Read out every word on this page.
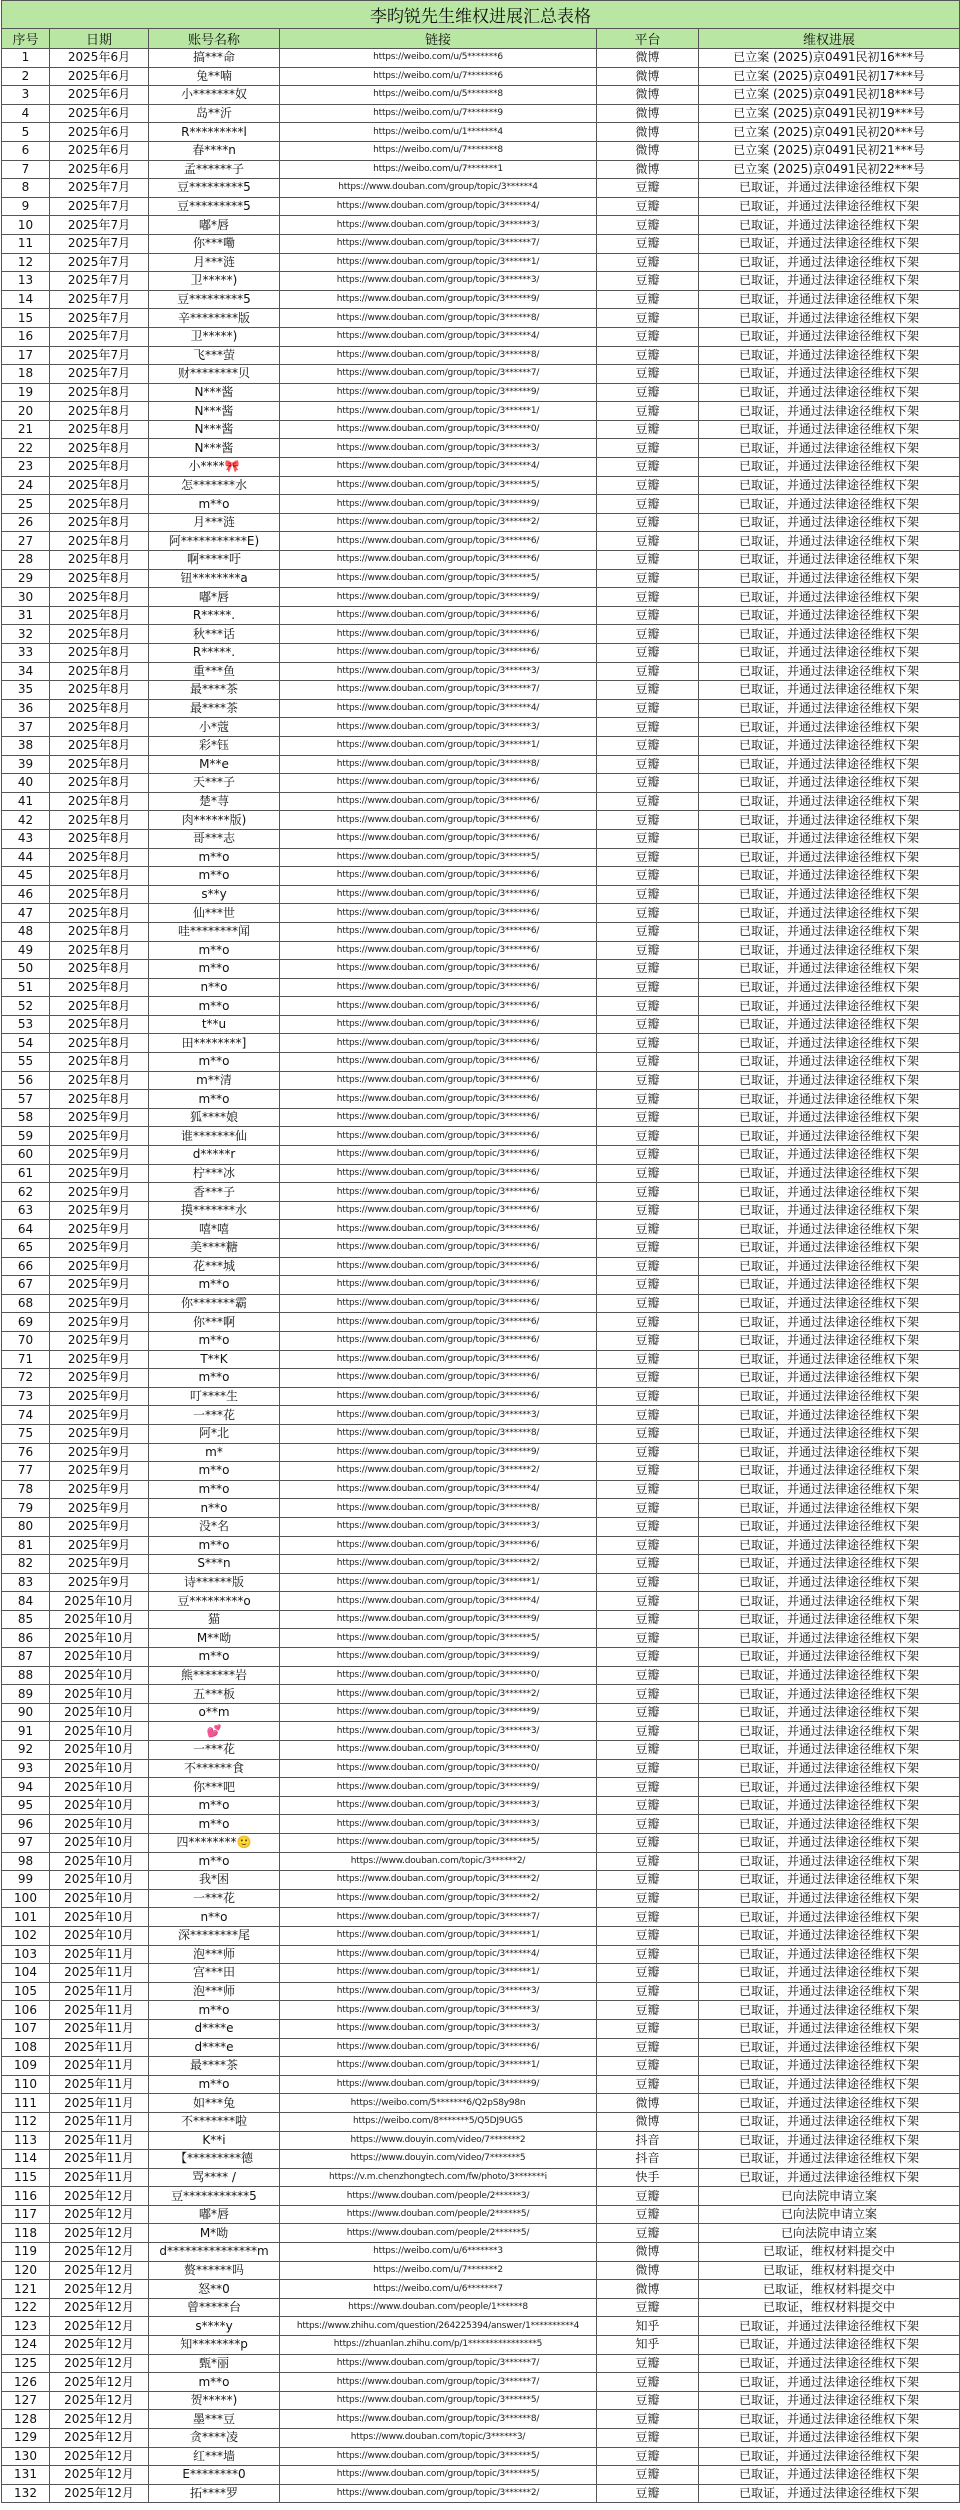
李昀锐先生维权进展汇总表格					
序号	日期	账号名称	链接	平台	维权进展
1	2025年6月	搞***命	https://weibo.com/u/5*******6	微博	已立案 (2025)京0491民初16***号
2	2025年6月	兔**喃	https://weibo.com/u/7*******6	微博	已立案 (2025)京0491民初17***号
3	2025年6月	小*******奴	https://weibo.com/u/5*******8	微博	已立案 (2025)京0491民初18***号
4	2025年6月	岛**沂	https://weibo.com/u/7*******9	微博	已立案 (2025)京0491民初19***号
5	2025年6月	R*********l	https://weibo.com/u/1*******4	微博	已立案 (2025)京0491民初20***号
6	2025年6月	春****n	https://weibo.com/u/7*******8	微博	已立案 (2025)京0491民初21***号
7	2025年6月	孟******子	https://weibo.com/u/7*******1	微博	已立案 (2025)京0491民初22***号
8	2025年7月	豆*********5	https://www.douban.com/group/topic/3******4	豆瓣	已取证，并通过法律途径维权下架
9	2025年7月	豆*********5	https://www.douban.com/group/topic/3******4/	豆瓣	已取证，并通过法律途径维权下架
10	2025年7月	嘟*唇	https://www.douban.com/group/topic/3******3/	豆瓣	已取证，并通过法律途径维权下架
11	2025年7月	你***嘞	https://www.douban.com/group/topic/3******7/	豆瓣	已取证，并通过法律途径维权下架
12	2025年7月	月***涟	https://www.douban.com/group/topic/3******1/	豆瓣	已取证，并通过法律途径维权下架
13	2025年7月	卫*****)	https://www.douban.com/group/topic/3******3/	豆瓣	已取证，并通过法律途径维权下架
14	2025年7月	豆*********5	https://www.douban.com/group/topic/3******9/	豆瓣	已取证，并通过法律途径维权下架
15	2025年7月	辛********版	https://www.douban.com/group/topic/3******8/	豆瓣	已取证，并通过法律途径维权下架
16	2025年7月	卫*****)	https://www.douban.com/group/topic/3******4/	豆瓣	已取证，并通过法律途径维权下架
17	2025年7月	飞***萤	https://www.douban.com/group/topic/3******8/	豆瓣	已取证，并通过法律途径维权下架
18	2025年7月	财********贝	https://www.douban.com/group/topic/3******7/	豆瓣	已取证，并通过法律途径维权下架
19	2025年8月	N***酱	https://www.douban.com/group/topic/3******9/	豆瓣	已取证，并通过法律途径维权下架
20	2025年8月	N***酱	https://www.douban.com/group/topic/3******1/	豆瓣	已取证，并通过法律途径维权下架
21	2025年8月	N***酱	https://www.douban.com/group/topic/3******0/	豆瓣	已取证，并通过法律途径维权下架
22	2025年8月	N***酱	https://www.douban.com/group/topic/3******3/	豆瓣	已取证，并通过法律途径维权下架
23	2025年8月	小****🎀	https://www.douban.com/group/topic/3******4/	豆瓣	已取证，并通过法律途径维权下架
24	2025年8月	怎*******水	https://www.douban.com/group/topic/3******5/	豆瓣	已取证，并通过法律途径维权下架
25	2025年8月	m**o	https://www.douban.com/group/topic/3******9/	豆瓣	已取证，并通过法律途径维权下架
26	2025年8月	月***涟	https://www.douban.com/group/topic/3******2/	豆瓣	已取证，并通过法律途径维权下架
27	2025年8月	阿***********E)	https://www.douban.com/group/topic/3******6/	豆瓣	已取证，并通过法律途径维权下架
28	2025年8月	啊*****吁	https://www.douban.com/group/topic/3******6/	豆瓣	已取证，并通过法律途径维权下架
29	2025年8月	钮********a	https://www.douban.com/group/topic/3******5/	豆瓣	已取证，并通过法律途径维权下架
30	2025年8月	嘟*唇	https://www.douban.com/group/topic/3******9/	豆瓣	已取证，并通过法律途径维权下架
31	2025年8月	R*****.	https://www.douban.com/group/topic/3******6/	豆瓣	已取证，并通过法律途径维权下架
32	2025年8月	秋***话	https://www.douban.com/group/topic/3******6/	豆瓣	已取证，并通过法律途径维权下架
33	2025年8月	R*****.	https://www.douban.com/group/topic/3******6/	豆瓣	已取证，并通过法律途径维权下架
34	2025年8月	重***鱼	https://www.douban.com/group/topic/3******3/	豆瓣	已取证，并通过法律途径维权下架
35	2025年8月	最****茶	https://www.douban.com/group/topic/3******7/	豆瓣	已取证，并通过法律途径维权下架
36	2025年8月	最****茶	https://www.douban.com/group/topic/3******4/	豆瓣	已取证，并通过法律途径维权下架
37	2025年8月	小*蔻	https://www.douban.com/group/topic/3******3/	豆瓣	已取证，并通过法律途径维权下架
38	2025年8月	彩*钰	https://www.douban.com/group/topic/3******1/	豆瓣	已取证，并通过法律途径维权下架
39	2025年8月	M**e	https://www.douban.com/group/topic/3******8/	豆瓣	已取证，并通过法律途径维权下架
40	2025年8月	天***子	https://www.douban.com/group/topic/3******6/	豆瓣	已取证，并通过法律途径维权下架
41	2025年8月	楚*荨	https://www.douban.com/group/topic/3******6/	豆瓣	已取证，并通过法律途径维权下架
42	2025年8月	肉******版)	https://www.douban.com/group/topic/3******6/	豆瓣	已取证，并通过法律途径维权下架
43	2025年8月	哥***志	https://www.douban.com/group/topic/3******6/	豆瓣	已取证，并通过法律途径维权下架
44	2025年8月	m**o	https://www.douban.com/group/topic/3******5/	豆瓣	已取证，并通过法律途径维权下架
45	2025年8月	m**o	https://www.douban.com/group/topic/3******6/	豆瓣	已取证，并通过法律途径维权下架
46	2025年8月	s**y	https://www.douban.com/group/topic/3******6/	豆瓣	已取证，并通过法律途径维权下架
47	2025年8月	仙***世	https://www.douban.com/group/topic/3******6/	豆瓣	已取证，并通过法律途径维权下架
48	2025年8月	哇********闻	https://www.douban.com/group/topic/3******6/	豆瓣	已取证，并通过法律途径维权下架
49	2025年8月	m**o	https://www.douban.com/group/topic/3******6/	豆瓣	已取证，并通过法律途径维权下架
50	2025年8月	m**o	https://www.douban.com/group/topic/3******6/	豆瓣	已取证，并通过法律途径维权下架
51	2025年8月	n**o	https://www.douban.com/group/topic/3******6/	豆瓣	已取证，并通过法律途径维权下架
52	2025年8月	m**o	https://www.douban.com/group/topic/3******6/	豆瓣	已取证，并通过法律途径维权下架
53	2025年8月	t**u	https://www.douban.com/group/topic/3******6/	豆瓣	已取证，并通过法律途径维权下架
54	2025年8月	田********]	https://www.douban.com/group/topic/3******6/	豆瓣	已取证，并通过法律途径维权下架
55	2025年8月	m**o	https://www.douban.com/group/topic/3******6/	豆瓣	已取证，并通过法律途径维权下架
56	2025年8月	m**清	https://www.douban.com/group/topic/3******6/	豆瓣	已取证，并通过法律途径维权下架
57	2025年8月	m**o	https://www.douban.com/group/topic/3******6/	豆瓣	已取证，并通过法律途径维权下架
58	2025年9月	狐****娘	https://www.douban.com/group/topic/3******6/	豆瓣	已取证，并通过法律途径维权下架
59	2025年9月	谁*******仙	https://www.douban.com/group/topic/3******6/	豆瓣	已取证，并通过法律途径维权下架
60	2025年9月	d*****r	https://www.douban.com/group/topic/3******6/	豆瓣	已取证，并通过法律途径维权下架
61	2025年9月	柠***冰	https://www.douban.com/group/topic/3******6/	豆瓣	已取证，并通过法律途径维权下架
62	2025年9月	香***子	https://www.douban.com/group/topic/3******6/	豆瓣	已取证，并通过法律途径维权下架
63	2025年9月	摸*******水	https://www.douban.com/group/topic/3******6/	豆瓣	已取证，并通过法律途径维权下架
64	2025年9月	嘻*嘻	https://www.douban.com/group/topic/3******6/	豆瓣	已取证，并通过法律途径维权下架
65	2025年9月	美****糖	https://www.douban.com/group/topic/3******6/	豆瓣	已取证，并通过法律途径维权下架
66	2025年9月	花***城	https://www.douban.com/group/topic/3******6/	豆瓣	已取证，并通过法律途径维权下架
67	2025年9月	m**o	https://www.douban.com/group/topic/3******6/	豆瓣	已取证，并通过法律途径维权下架
68	2025年9月	你*******霸	https://www.douban.com/group/topic/3******6/	豆瓣	已取证，并通过法律途径维权下架
69	2025年9月	你***啊	https://www.douban.com/group/topic/3******6/	豆瓣	已取证，并通过法律途径维权下架
70	2025年9月	m**o	https://www.douban.com/group/topic/3******6/	豆瓣	已取证，并通过法律途径维权下架
71	2025年9月	T**K	https://www.douban.com/group/topic/3******6/	豆瓣	已取证，并通过法律途径维权下架
72	2025年9月	m**o	https://www.douban.com/group/topic/3******6/	豆瓣	已取证，并通过法律途径维权下架
73	2025年9月	叮****生	https://www.douban.com/group/topic/3******6/	豆瓣	已取证，并通过法律途径维权下架
74	2025年9月	一***花	https://www.douban.com/group/topic/3******3/	豆瓣	已取证，并通过法律途径维权下架
75	2025年9月	阿*北	https://www.douban.com/group/topic/3******8/	豆瓣	已取证，并通过法律途径维权下架
76	2025年9月	m*	https://www.douban.com/group/topic/3******9/	豆瓣	已取证，并通过法律途径维权下架
77	2025年9月	m**o	https://www.douban.com/group/topic/3******2/	豆瓣	已取证，并通过法律途径维权下架
78	2025年9月	m**o	https://www.douban.com/group/topic/3******4/	豆瓣	已取证，并通过法律途径维权下架
79	2025年9月	n**o	https://www.douban.com/group/topic/3******8/	豆瓣	已取证，并通过法律途径维权下架
80	2025年9月	没*名	https://www.douban.com/group/topic/3******3/	豆瓣	已取证，并通过法律途径维权下架
81	2025年9月	m**o	https://www.douban.com/group/topic/3******6/	豆瓣	已取证，并通过法律途径维权下架
82	2025年9月	S***n	https://www.douban.com/group/topic/3******2/	豆瓣	已取证，并通过法律途径维权下架
83	2025年9月	诗******版	https://www.douban.com/group/topic/3******1/	豆瓣	已取证，并通过法律途径维权下架
84	2025年10月	豆*********o	https://www.douban.com/group/topic/3******4/	豆瓣	已取证，并通过法律途径维权下架
85	2025年10月	猫	https://www.douban.com/group/topic/3******9/	豆瓣	已取证，并通过法律途径维权下架
86	2025年10月	M**呦	https://www.douban.com/group/topic/3******5/	豆瓣	已取证，并通过法律途径维权下架
87	2025年10月	m**o	https://www.douban.com/group/topic/3******9/	豆瓣	已取证，并通过法律途径维权下架
88	2025年10月	熊*******岩	https://www.douban.com/group/topic/3******0/	豆瓣	已取证，并通过法律途径维权下架
89	2025年10月	五***板	https://www.douban.com/group/topic/3******2/	豆瓣	已取证，并通过法律途径维权下架
90	2025年10月	o**m	https://www.douban.com/group/topic/3******9/	豆瓣	已取证，并通过法律途径维权下架
91	2025年10月	💕	https://www.douban.com/group/topic/3******3/	豆瓣	已取证，并通过法律途径维权下架
92	2025年10月	一***花	https://www.douban.com/group/topic/3******0/	豆瓣	已取证，并通过法律途径维权下架
93	2025年10月	不******食	https://www.douban.com/group/topic/3******0/	豆瓣	已取证，并通过法律途径维权下架
94	2025年10月	你***吧	https://www.douban.com/group/topic/3******9/	豆瓣	已取证，并通过法律途径维权下架
95	2025年10月	m**o	https://www.douban.com/group/topic/3******3/	豆瓣	已取证，并通过法律途径维权下架
96	2025年10月	m**o	https://www.douban.com/group/topic/3******3/	豆瓣	已取证，并通过法律途径维权下架
97	2025年10月	四********🙂	https://www.douban.com/group/topic/3******5/	豆瓣	已取证，并通过法律途径维权下架
98	2025年10月	m**o	https://www.douban.com/topic/3******2/	豆瓣	已取证，并通过法律途径维权下架
99	2025年10月	我*困	https://www.douban.com/group/topic/3******2/	豆瓣	已取证，并通过法律途径维权下架
100	2025年10月	一***花	https://www.douban.com/group/topic/3******2/	豆瓣	已取证，并通过法律途径维权下架
101	2025年10月	n**o	https://www.douban.com/group/topic/3******7/	豆瓣	已取证，并通过法律途径维权下架
102	2025年10月	深********尾	https://www.douban.com/group/topic/3******1/	豆瓣	已取证，并通过法律途径维权下架
103	2025年11月	泡***师	https://www.douban.com/group/topic/3******4/	豆瓣	已取证，并通过法律途径维权下架
104	2025年11月	宫***田	https://www.douban.com/group/topic/3******1/	豆瓣	已取证，并通过法律途径维权下架
105	2025年11月	泡***师	https://www.douban.com/group/topic/3******3/	豆瓣	已取证，并通过法律途径维权下架
106	2025年11月	m**o	https://www.douban.com/group/topic/3******3/	豆瓣	已取证，并通过法律途径维权下架
107	2025年11月	d****e	https://www.douban.com/group/topic/3******3/	豆瓣	已取证，并通过法律途径维权下架
108	2025年11月	d****e	https://www.douban.com/group/topic/3******6/	豆瓣	已取证，并通过法律途径维权下架
109	2025年11月	最****茶	https://www.douban.com/group/topic/3******1/	豆瓣	已取证，并通过法律途径维权下架
110	2025年11月	m**o	https://www.douban.com/group/topic/3******9/	豆瓣	已取证，并通过法律途径维权下架
111	2025年11月	如***兔	https://weibo.com/5*******6/Q2pS8y98n	微博	已取证，并通过法律途径维权下架
112	2025年11月	不*******啦	https://weibo.com/8*******5/Q5DJ9UG5	微博	已取证，并通过法律途径维权下架
113	2025年11月	K**i	https://www.douyin.com/video/7*******2	抖音	已取证，并通过法律途径维权下架
114	2025年11月	【*********德	https://www.douyin.com/video/7*******5	抖音	已取证，并通过法律途径维权下架
115	2025年11月	骂**** /	https://v.m.chenzhongtech.com/fw/photo/3*******i	快手	已取证，并通过法律途径维权下架
116	2025年12月	豆***********5	https://www.douban.com/people/2******3/	豆瓣	已向法院申请立案
117	2025年12月	嘟*唇	https://www.douban.com/people/2******5/	豆瓣	已向法院申请立案
118	2025年12月	M*呦	https://www.douban.com/people/2******5/	豆瓣	已向法院申请立案
119	2025年12月	d***************m	https://weibo.com/u/6*******3	微博	已取证，维权材料提交中
120	2025年12月	赘******吗	https://weibo.com/u/7*******2	微博	已取证，维权材料提交中
121	2025年12月	怒**0	https://weibo.com/u/6*******7	微博	已取证，维权材料提交中
122	2025年12月	曾*****台	https://www.douban.com/people/1******8	豆瓣	已取证，维权材料提交中
123	2025年12月	s****y	https://www.zhihu.com/question/264225394/answer/1**********4	知乎	已取证，并通过法律途径维权下架
124	2025年12月	知********p	https://zhuanlan.zhihu.com/p/1****************5	知乎	已取证，并通过法律途径维权下架
125	2025年12月	甄*丽	https://www.douban.com/group/topic/3******7/	豆瓣	已取证，并通过法律途径维权下架
126	2025年12月	m**o	https://www.douban.com/group/topic/3******7/	豆瓣	已取证，并通过法律途径维权下架
127	2025年12月	贺*****)	https://www.douban.com/group/topic/3******5/	豆瓣	已取证，并通过法律途径维权下架
128	2025年12月	墨***豆	https://www.douban.com/group/topic/3******8/	豆瓣	已取证，并通过法律途径维权下架
129	2025年12月	贪****凌	https://www.douban.com/topic/3******3/	豆瓣	已取证，并通过法律途径维权下架
130	2025年12月	红***墙	https://www.douban.com/group/topic/3******5/	豆瓣	已取证，并通过法律途径维权下架
131	2025年12月	E********0	https://www.douban.com/group/topic/3******5/	豆瓣	已取证，并通过法律途径维权下架
132	2025年12月	拓****罗	https://www.douban.com/group/topic/3******2/	豆瓣	已取证，并通过法律途径维权下架
